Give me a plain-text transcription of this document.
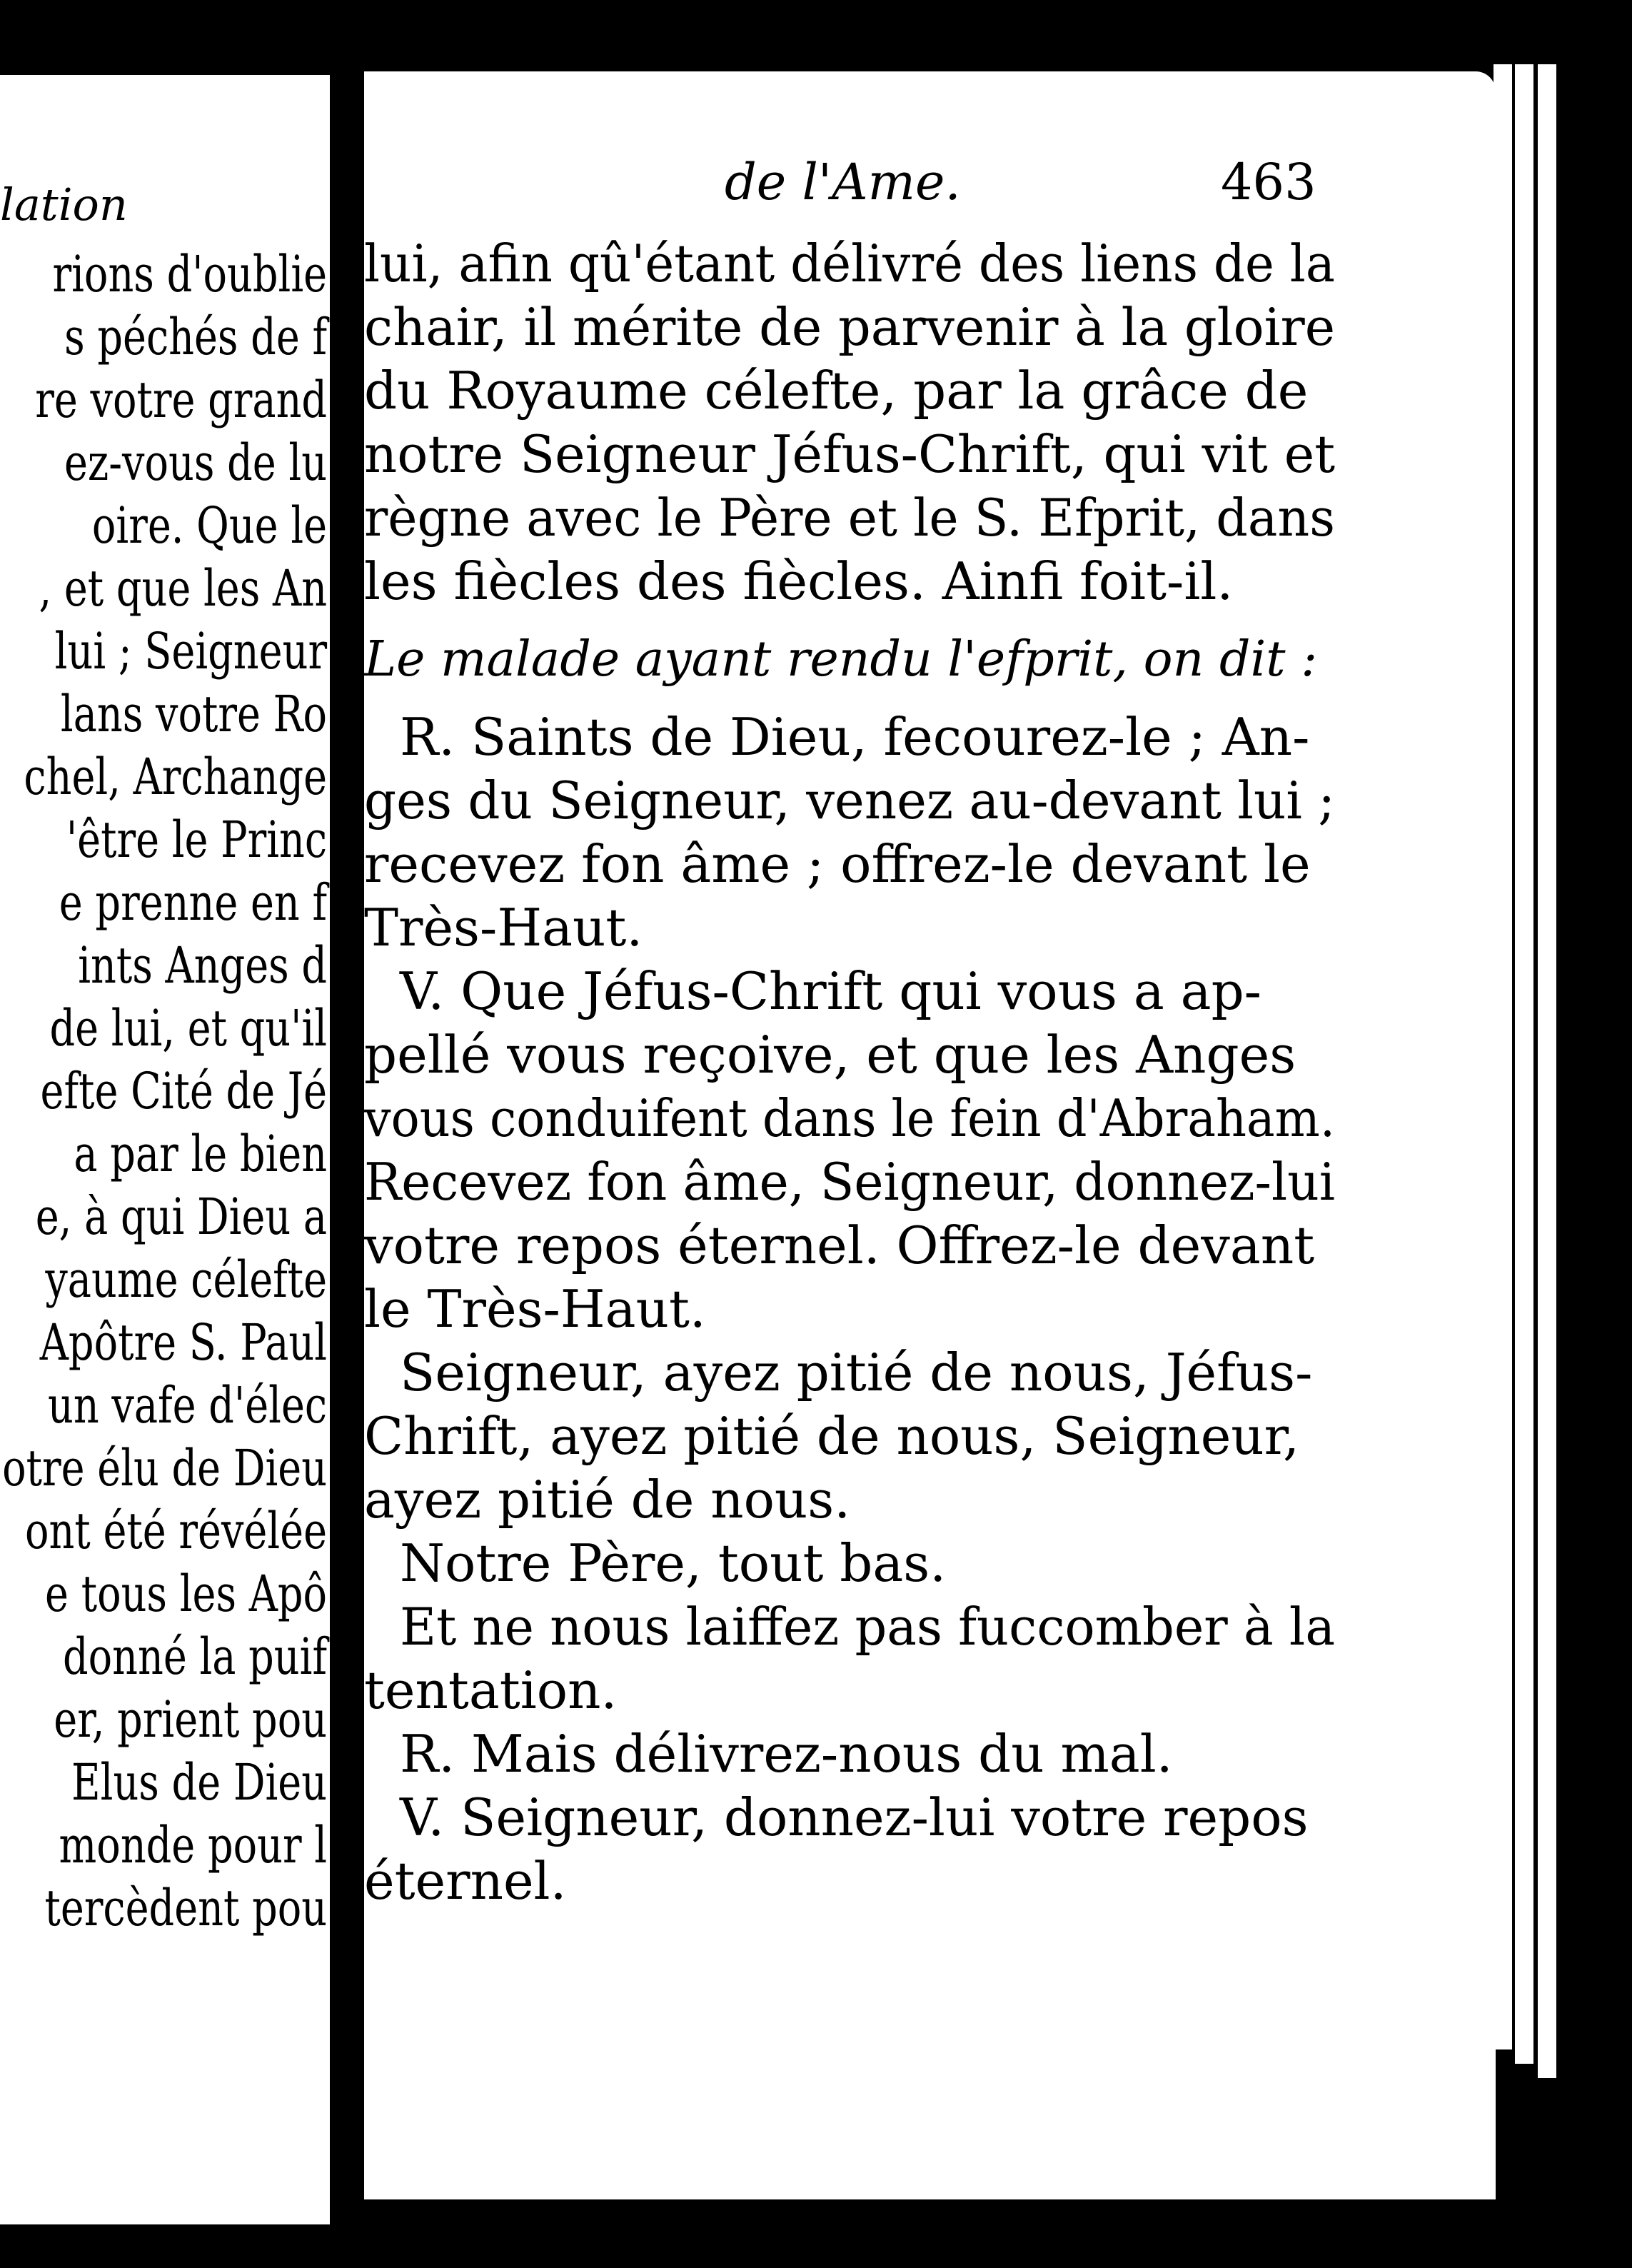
lation
rions d'oublie
s péchés de f
re votre grand
ez-vous de lu
oire. Que le
, et que les An
lui ; Seigneur
lans votre Ro
chel, Archange
'être le Princ
e prenne en f
ints Anges d
de lui, et qu'il
efte Cité de Jé
a par le bien
e, à qui Dieu a
yaume célefte
Apôtre S. Paul
un vafe d'élec
otre élu de Dieu
ont été révélée
e tous les Apô
donné la puif
er, prient pou
Elus de Dieu
monde pour l
tercèdent pou
de l'Ame.	463
lui, afin qû'étant délivré des liens de la
chair, il mérite de parvenir à la gloire
du Royaume célefte, par la grâce de
notre Seigneur Jéfus-Chrift, qui vit et
règne avec le Père et le S. Efprit, dans
les fiècles des fiècles. Ainfi foit-il.
Le malade ayant rendu l'efprit, on dit :
R. Saints de Dieu, fecourez-le ; An-
ges du Seigneur, venez au-devant lui ;
recevez fon âme ; offrez-le devant le
Très-Haut.
V. Que Jéfus-Chrift qui vous a ap-
pellé vous reçoive, et que les Anges
vous conduifent dans le fein d'Abraham.
Recevez fon âme, Seigneur, donnez-lui
votre repos éternel. Offrez-le devant
le Très-Haut.
Seigneur, ayez pitié de nous, Jéfus-
Chrift, ayez pitié de nous, Seigneur,
ayez pitié de nous.
Notre Père, tout bas.
Et ne nous laiffez pas fuccomber à la
tentation.
R. Mais délivrez-nous du mal.
V. Seigneur, donnez-lui votre repos
éternel.
